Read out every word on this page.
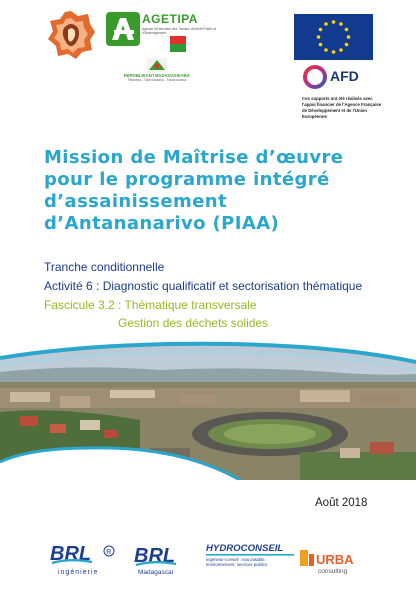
AGETIPA
Agence d'Exécution des Travaux d'Intérêt Public et d'Aménagement
REPOBLIKAN'I MADAGASIKARA
Fitiavana - Tanindrazana - Fandrosoana	AFD
Ces supports ont été réalisés avec l'appui financier de l'Agence Française de Développement et de l'Union Européenne
Mission de Maîtrise d’œuvre pour le programme intégré d’assainissement d’Antananarivo (PIAA)
Tranche conditionnelle
Activité 6 : Diagnostic qualificatif et sectorisation thématique
Fascicule 3.2 : Thématique transversale
Gestion des déchets solides
Août 2018
BRL R
ingénierie
BRL
Madagascar
HYDROCONSEIL
ingénieur-conseil : eau potable, environnement, services publics	URBA
consulting
